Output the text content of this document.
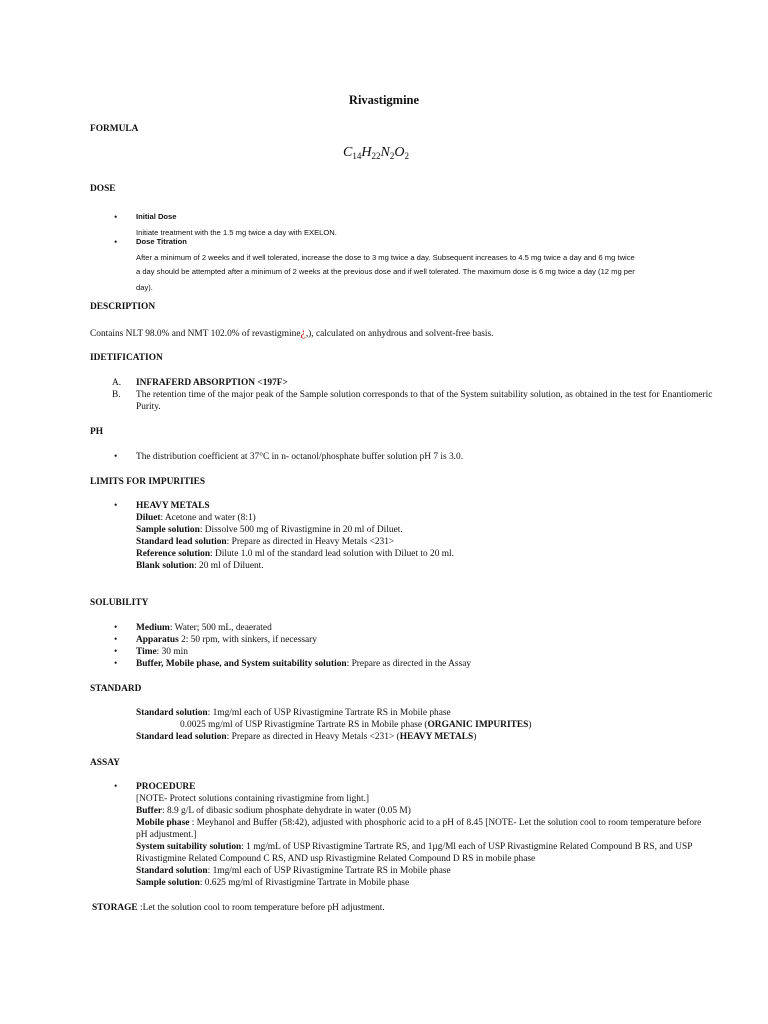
Rivastigmine
FORMULA
$C_{14}H_{22}N_2O_2$
DOSE
• Initial Dose
Initiate treatment with the 1.5 mg twice a day with EXELON.
• Dose Titration
After a minimum of 2 weeks and if well tolerated, increase the dose to 3 mg twice a day. Subsequent increases to 4.5 mg twice a day and 6 mg twice
a day should be attempted after a minimum of 2 weeks at the previous dose and if well tolerated. The maximum dose is 6 mg twice a day (12 mg per
day).
DESCRIPTION
Contains NLT 98.0% and NMT 102.0% of revastigmine¿,), calculated on anhydrous and solvent-free basis.
IDETIFICATION
A. INFRAFERD ABSORPTION <197F>
B. The retention time of the major peak of the Sample solution corresponds to that of the System suitability solution, as obtained in the test for Enantiomeric
Purity.
PH
• The distribution coefficient at 37°C in n- octanol/phosphate buffer solution pH 7 is 3.0.
LIMITS FOR IMPURITIES
• HEAVY METALS
Diluet: Acetone and water (8:1)
Sample solution: Dissolve 500 mg of Rivastigmine in 20 ml of Diluet.
Standard lead solution: Prepare as directed in Heavy Metals <231>
Reference solution: Dilute 1.0 ml of the standard lead solution with Diluet to 20 ml.
Blank solution: 20 ml of Diluent.
SOLUBILITY
• Medium: Water; 500 mL, deaerated
• Apparatus 2: 50 rpm, with sinkers, if necessary
• Time: 30 min
• Buffer, Mobile phase, and System suitability solution: Prepare as directed in the Assay
STANDARD
Standard solution: 1mg/ml each of USP Rivastigmine Tartrate RS in Mobile phase
0.0025 mg/ml of USP Rivastigmine Tartrate RS in Mobile phase (ORGANIC IMPURITES)
Standard lead solution: Prepare as directed in Heavy Metals <231> (HEAVY METALS)
ASSAY
• PROCEDURE
[NOTE- Protect solutions containing rivastigmine from light.]
Buffer: 8.9 g/L of dibasic sodium phosphate dehydrate in water (0.05 M)
Mobile phase : Meyhanol and Buffer (58:42), adjusted with phosphoric acid to a pH of 8.45 [NOTE- Let the solution cool to room temperature before
pH adjustment.]
System suitability solution: 1 mg/mL of USP Rivastigmine Tartrate RS, and 1µg/Ml each of USP Rivastigmine Related Compound B RS, and USP
Rivastigmine Related Compound C RS, AND usp Rivastigmine Related Compound D RS in mobile phase
Standard solution: 1mg/ml each of USP Rivastigmine Tartrate RS in Mobile phase
Sample solution: 0.625 mg/ml of Rivastigmine Tartrate in Mobile phase
STORAGE :Let the solution cool to room temperature before pH adjustment.
